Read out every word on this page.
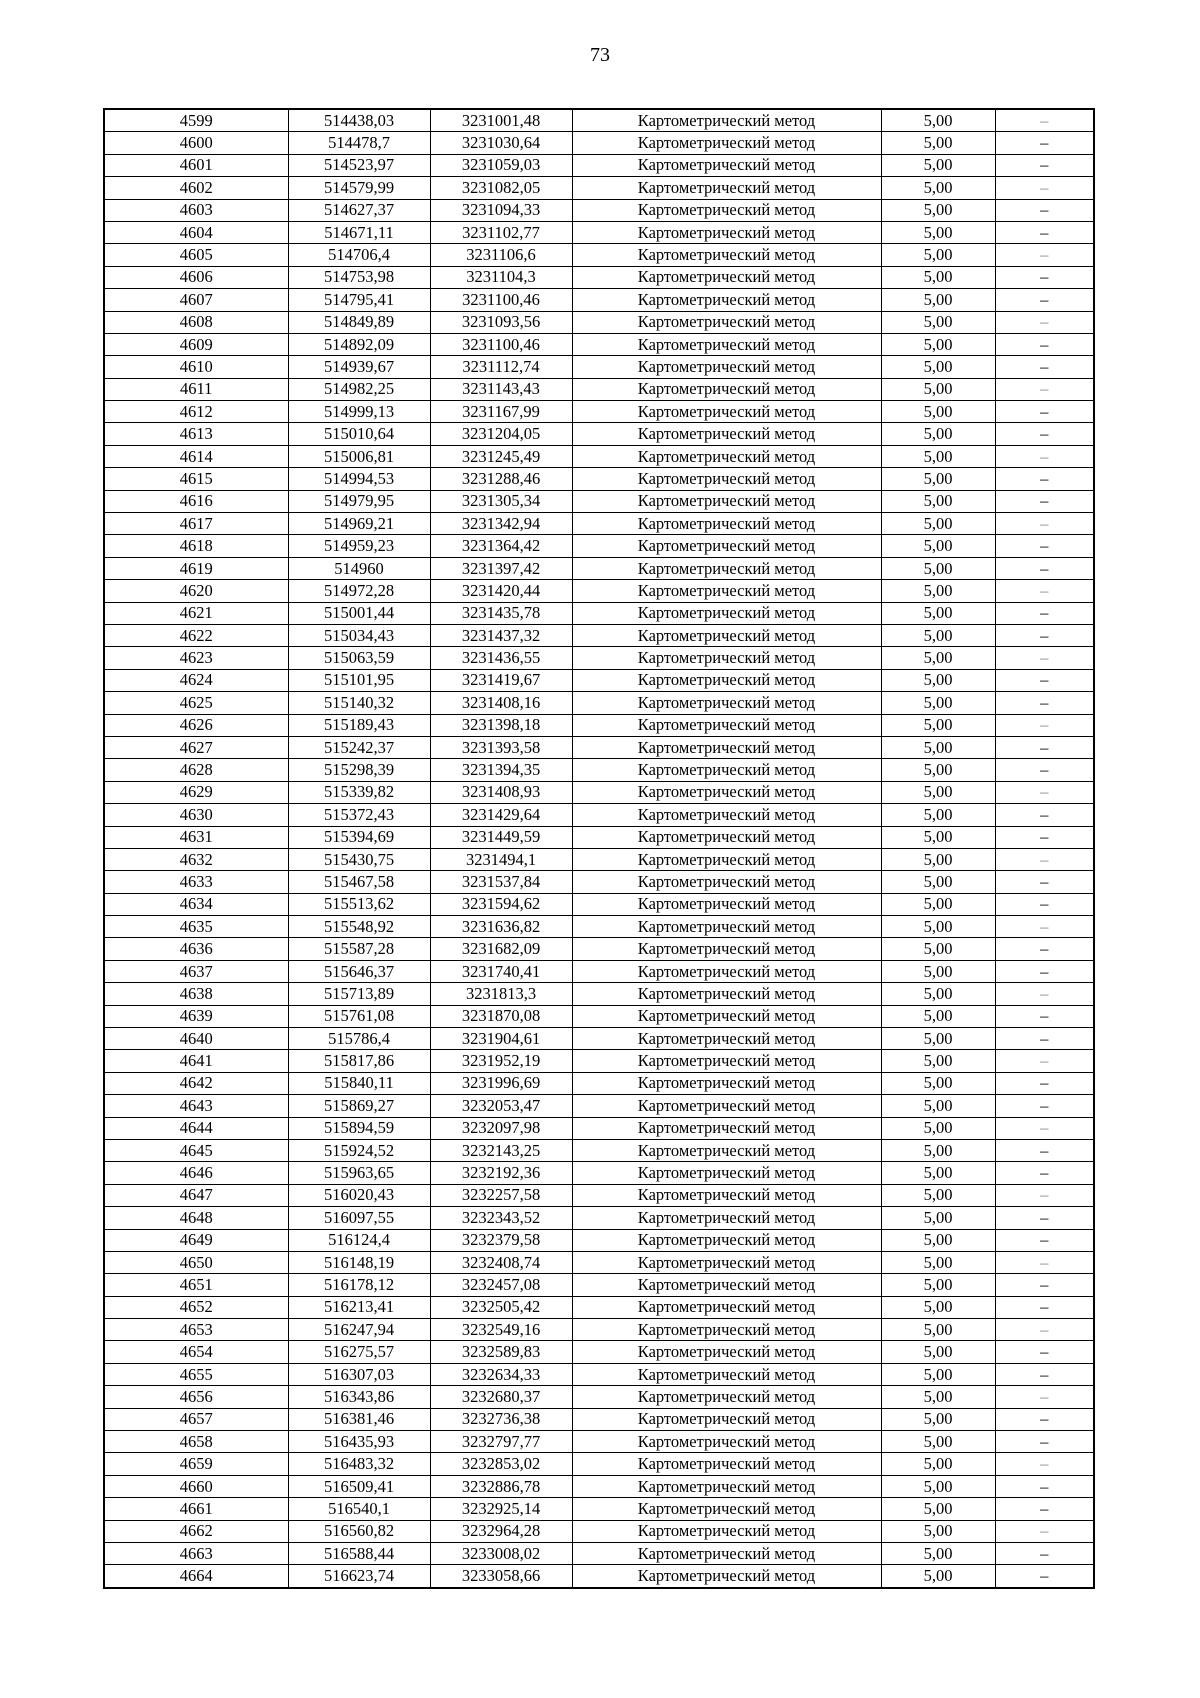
73
4599	514438,03	3231001,48	Картометрический метод	5,00	–
4600	514478,7	3231030,64	Картометрический метод	5,00	–
4601	514523,97	3231059,03	Картометрический метод	5,00	–
4602	514579,99	3231082,05	Картометрический метод	5,00	–
4603	514627,37	3231094,33	Картометрический метод	5,00	–
4604	514671,11	3231102,77	Картометрический метод	5,00	–
4605	514706,4	3231106,6	Картометрический метод	5,00	–
4606	514753,98	3231104,3	Картометрический метод	5,00	–
4607	514795,41	3231100,46	Картометрический метод	5,00	–
4608	514849,89	3231093,56	Картометрический метод	5,00	–
4609	514892,09	3231100,46	Картометрический метод	5,00	–
4610	514939,67	3231112,74	Картометрический метод	5,00	–
4611	514982,25	3231143,43	Картометрический метод	5,00	–
4612	514999,13	3231167,99	Картометрический метод	5,00	–
4613	515010,64	3231204,05	Картометрический метод	5,00	–
4614	515006,81	3231245,49	Картометрический метод	5,00	–
4615	514994,53	3231288,46	Картометрический метод	5,00	–
4616	514979,95	3231305,34	Картометрический метод	5,00	–
4617	514969,21	3231342,94	Картометрический метод	5,00	–
4618	514959,23	3231364,42	Картометрический метод	5,00	–
4619	514960	3231397,42	Картометрический метод	5,00	–
4620	514972,28	3231420,44	Картометрический метод	5,00	–
4621	515001,44	3231435,78	Картометрический метод	5,00	–
4622	515034,43	3231437,32	Картометрический метод	5,00	–
4623	515063,59	3231436,55	Картометрический метод	5,00	–
4624	515101,95	3231419,67	Картометрический метод	5,00	–
4625	515140,32	3231408,16	Картометрический метод	5,00	–
4626	515189,43	3231398,18	Картометрический метод	5,00	–
4627	515242,37	3231393,58	Картометрический метод	5,00	–
4628	515298,39	3231394,35	Картометрический метод	5,00	–
4629	515339,82	3231408,93	Картометрический метод	5,00	–
4630	515372,43	3231429,64	Картометрический метод	5,00	–
4631	515394,69	3231449,59	Картометрический метод	5,00	–
4632	515430,75	3231494,1	Картометрический метод	5,00	–
4633	515467,58	3231537,84	Картометрический метод	5,00	–
4634	515513,62	3231594,62	Картометрический метод	5,00	–
4635	515548,92	3231636,82	Картометрический метод	5,00	–
4636	515587,28	3231682,09	Картометрический метод	5,00	–
4637	515646,37	3231740,41	Картометрический метод	5,00	–
4638	515713,89	3231813,3	Картометрический метод	5,00	–
4639	515761,08	3231870,08	Картометрический метод	5,00	–
4640	515786,4	3231904,61	Картометрический метод	5,00	–
4641	515817,86	3231952,19	Картометрический метод	5,00	–
4642	515840,11	3231996,69	Картометрический метод	5,00	–
4643	515869,27	3232053,47	Картометрический метод	5,00	–
4644	515894,59	3232097,98	Картометрический метод	5,00	–
4645	515924,52	3232143,25	Картометрический метод	5,00	–
4646	515963,65	3232192,36	Картометрический метод	5,00	–
4647	516020,43	3232257,58	Картометрический метод	5,00	–
4648	516097,55	3232343,52	Картометрический метод	5,00	–
4649	516124,4	3232379,58	Картометрический метод	5,00	–
4650	516148,19	3232408,74	Картометрический метод	5,00	–
4651	516178,12	3232457,08	Картометрический метод	5,00	–
4652	516213,41	3232505,42	Картометрический метод	5,00	–
4653	516247,94	3232549,16	Картометрический метод	5,00	–
4654	516275,57	3232589,83	Картометрический метод	5,00	–
4655	516307,03	3232634,33	Картометрический метод	5,00	–
4656	516343,86	3232680,37	Картометрический метод	5,00	–
4657	516381,46	3232736,38	Картометрический метод	5,00	–
4658	516435,93	3232797,77	Картометрический метод	5,00	–
4659	516483,32	3232853,02	Картометрический метод	5,00	–
4660	516509,41	3232886,78	Картометрический метод	5,00	–
4661	516540,1	3232925,14	Картометрический метод	5,00	–
4662	516560,82	3232964,28	Картометрический метод	5,00	–
4663	516588,44	3233008,02	Картометрический метод	5,00	–
4664	516623,74	3233058,66	Картометрический метод	5,00	–
